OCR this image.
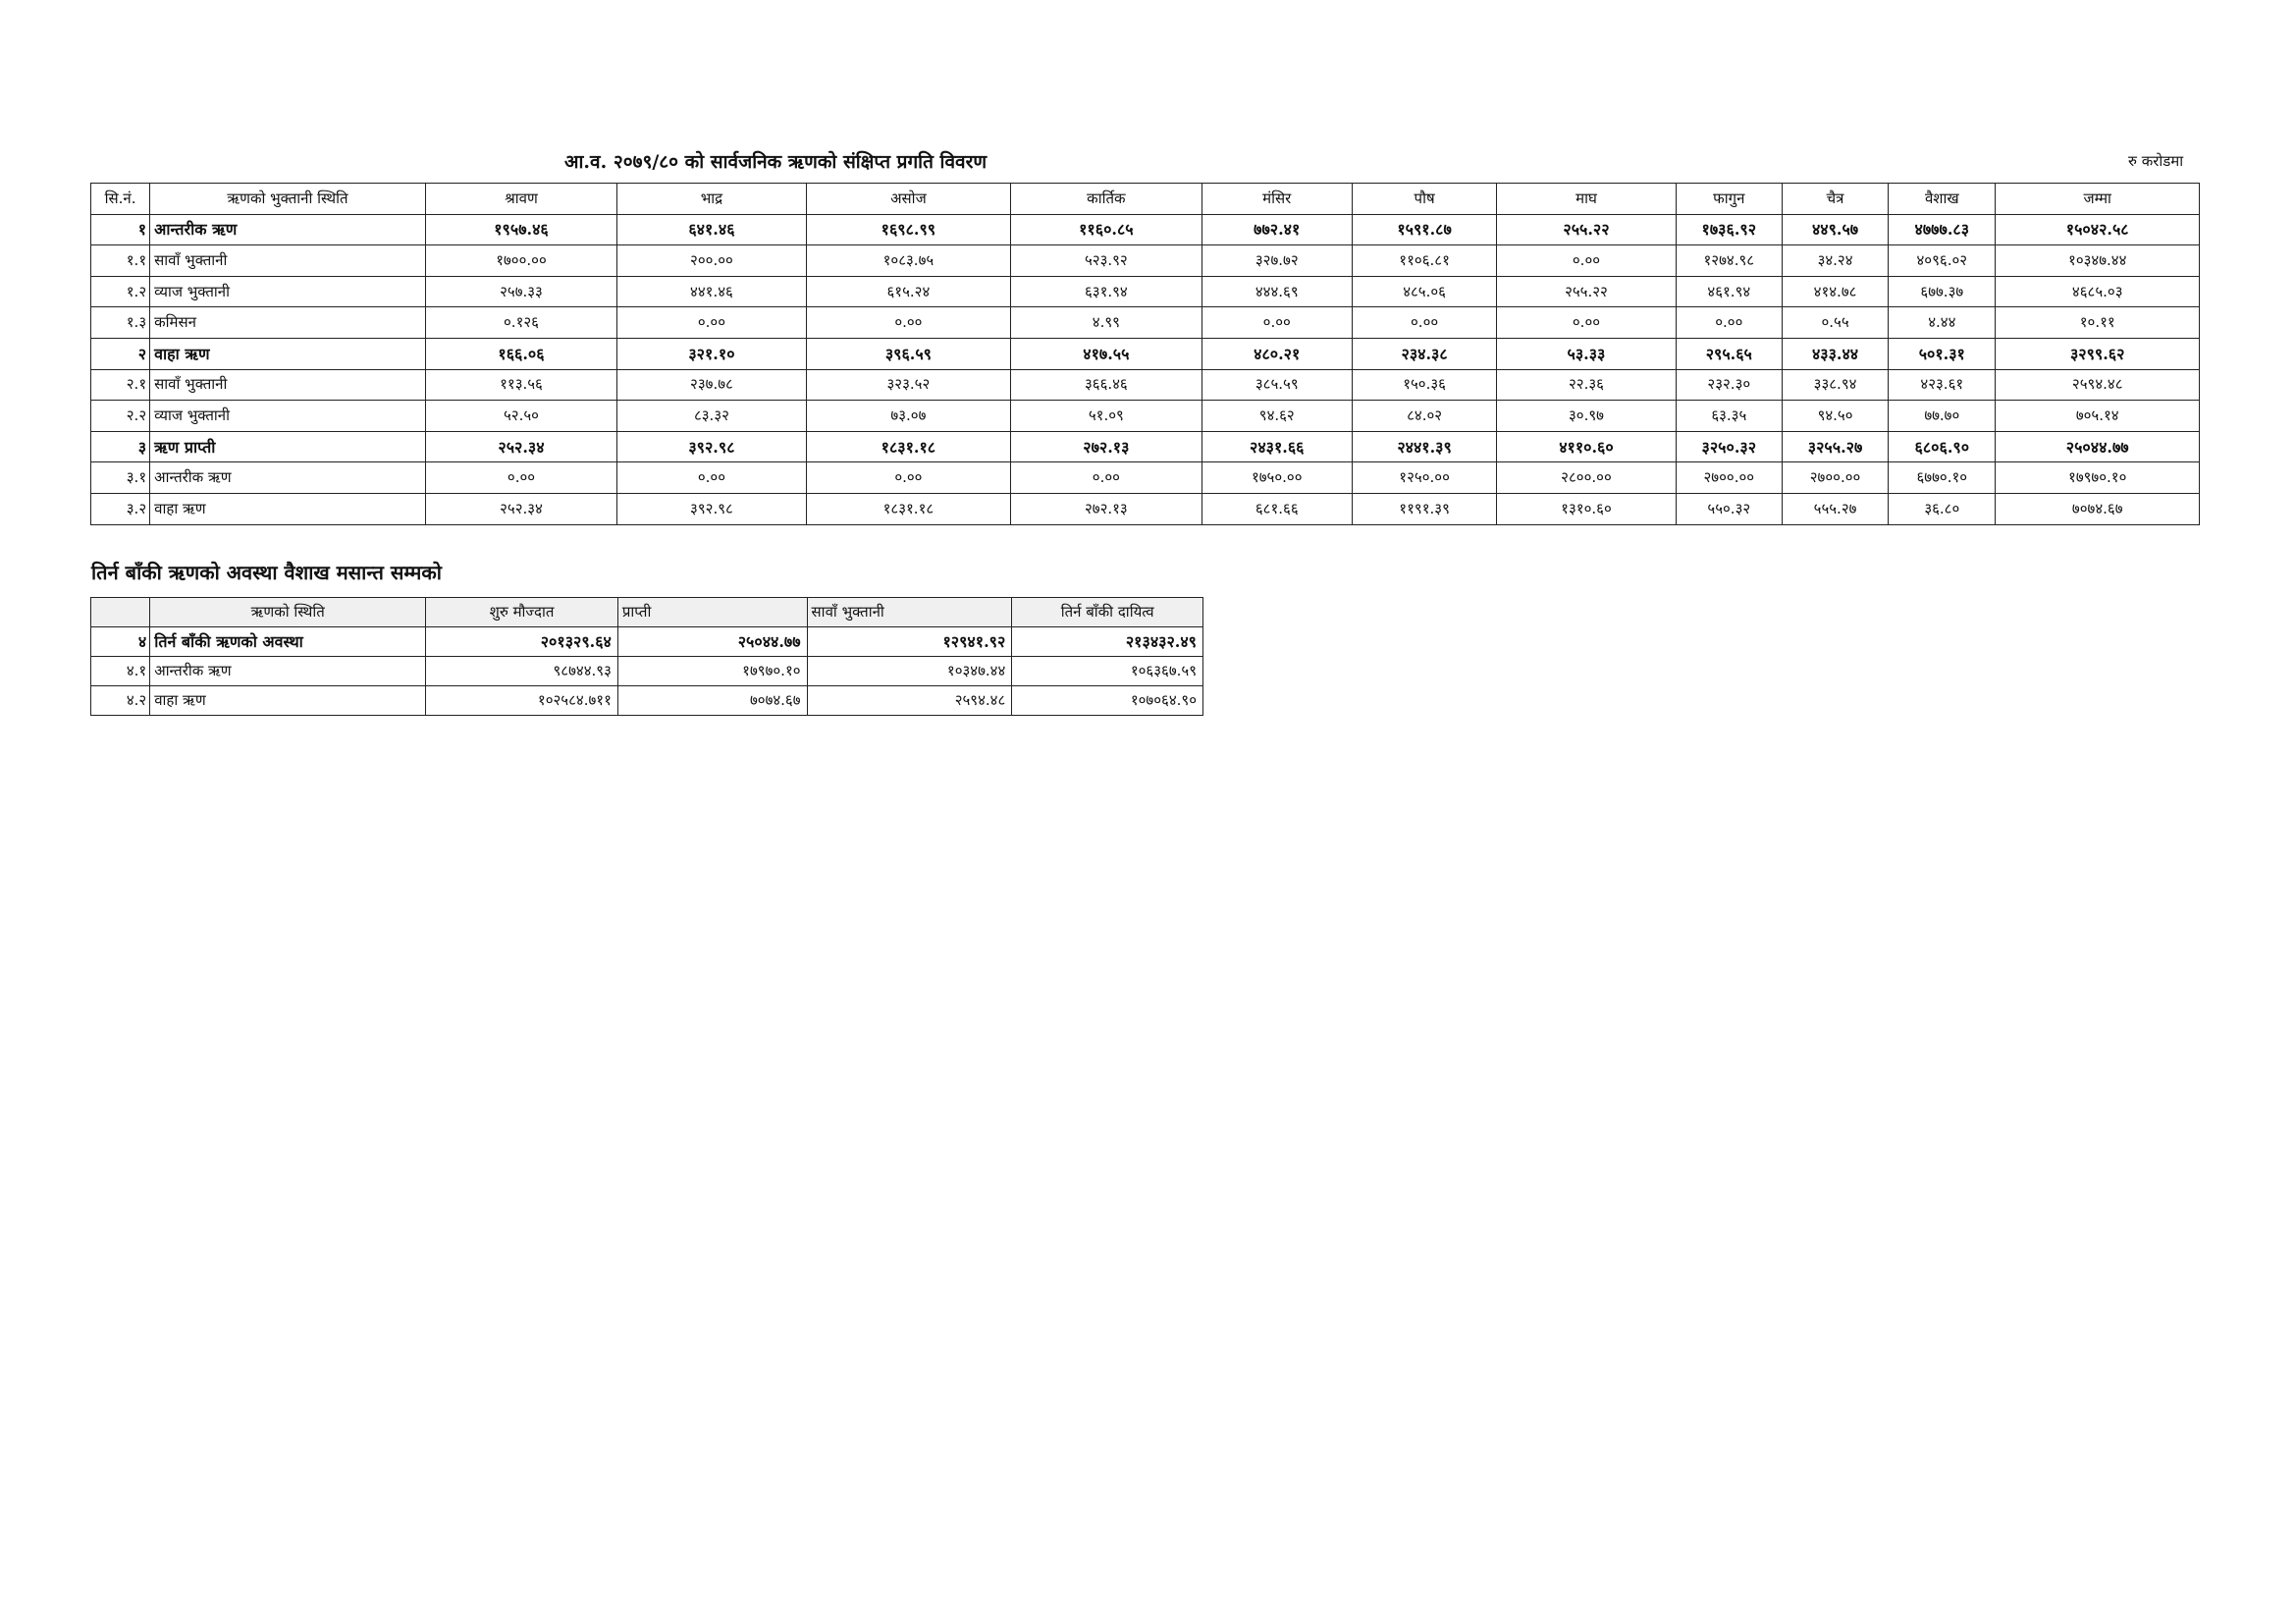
आ.व. २०७९/८० को सार्वजनिक ऋणको संक्षिप्त प्रगति विवरण	रु करोडमा
सि.नं.	ऋणको भुक्तानी स्थिति	श्रावण	भाद्र	असोज	कार्तिक	मंसिर	पौष	माघ	फागुन	चैत्र	वैशाख	जम्मा
१	आन्तरीक ऋण	१९५७.४६	६४१.४६	१६९८.९९	११६०.८५	७७२.४१	१५९१.८७	२५५.२२	१७३६.९२	४४९.५७	४७७७.८३	१५०४२.५८
१.१	सावाँ भुक्तानी	१७००.००	२००.००	१०८३.७५	५२३.९२	३२७.७२	११०६.८१	०.००	१२७४.९८	३४.२४	४०९६.०२	१०३४७.४४
१.२	व्याज भुक्तानी	२५७.३३	४४१.४६	६१५.२४	६३१.९४	४४४.६९	४८५.०६	२५५.२२	४६१.९४	४१४.७८	६७७.३७	४६८५.०३
१.३	कमिसन	०.१२६	०.००	०.००	४.९९	०.००	०.००	०.००	०.००	०.५५	४.४४	१०.११
२	वाहा ऋण	१६६.०६	३२१.१०	३९६.५९	४१७.५५	४८०.२१	२३४.३८	५३.३३	२९५.६५	४३३.४४	५०१.३१	३२९९.६२
२.१	सावाँ भुक्तानी	११३.५६	२३७.७८	३२३.५२	३६६.४६	३८५.५९	१५०.३६	२२.३६	२३२.३०	३३८.९४	४२३.६१	२५९४.४८
२.२	व्याज भुक्तानी	५२.५०	८३.३२	७३.०७	५१.०९	९४.६२	८४.०२	३०.९७	६३.३५	९४.५०	७७.७०	७०५.१४
३	ऋण प्राप्ती	२५२.३४	३९२.९८	१८३१.१८	२७२.१३	२४३१.६६	२४४१.३९	४११०.६०	३२५०.३२	३२५५.२७	६८०६.९०	२५०४४.७७
३.१	आन्तरीक ऋण	०.००	०.००	०.००	०.००	१७५०.००	१२५०.००	२८००.००	२७००.००	२७००.००	६७७०.१०	१७९७०.१०
३.२	वाहा ऋण	२५२.३४	३९२.९८	१८३१.१८	२७२.१३	६८१.६६	११९१.३९	१३१०.६०	५५०.३२	५५५.२७	३६.८०	७०७४.६७
तिर्न बाँकी ऋणको अवस्था वैशाख मसान्त सम्मको
	ऋणको स्थिति	शुरु मौज्दात	प्राप्ती	सावाँ भुक्तानी	तिर्न बाँकी दायित्व
४	तिर्न बाँकी ऋणको अवस्था	२०१३२९.६४	२५०४४.७७	१२९४१.९२	२१३४३२.४९
४.१	आन्तरीक ऋण	९८७४४.९३	१७९७०.१०	१०३४७.४४	१०६३६७.५९
४.२	वाहा ऋण	१०२५८४.७११	७०७४.६७	२५९४.४८	१०७०६४.९०
